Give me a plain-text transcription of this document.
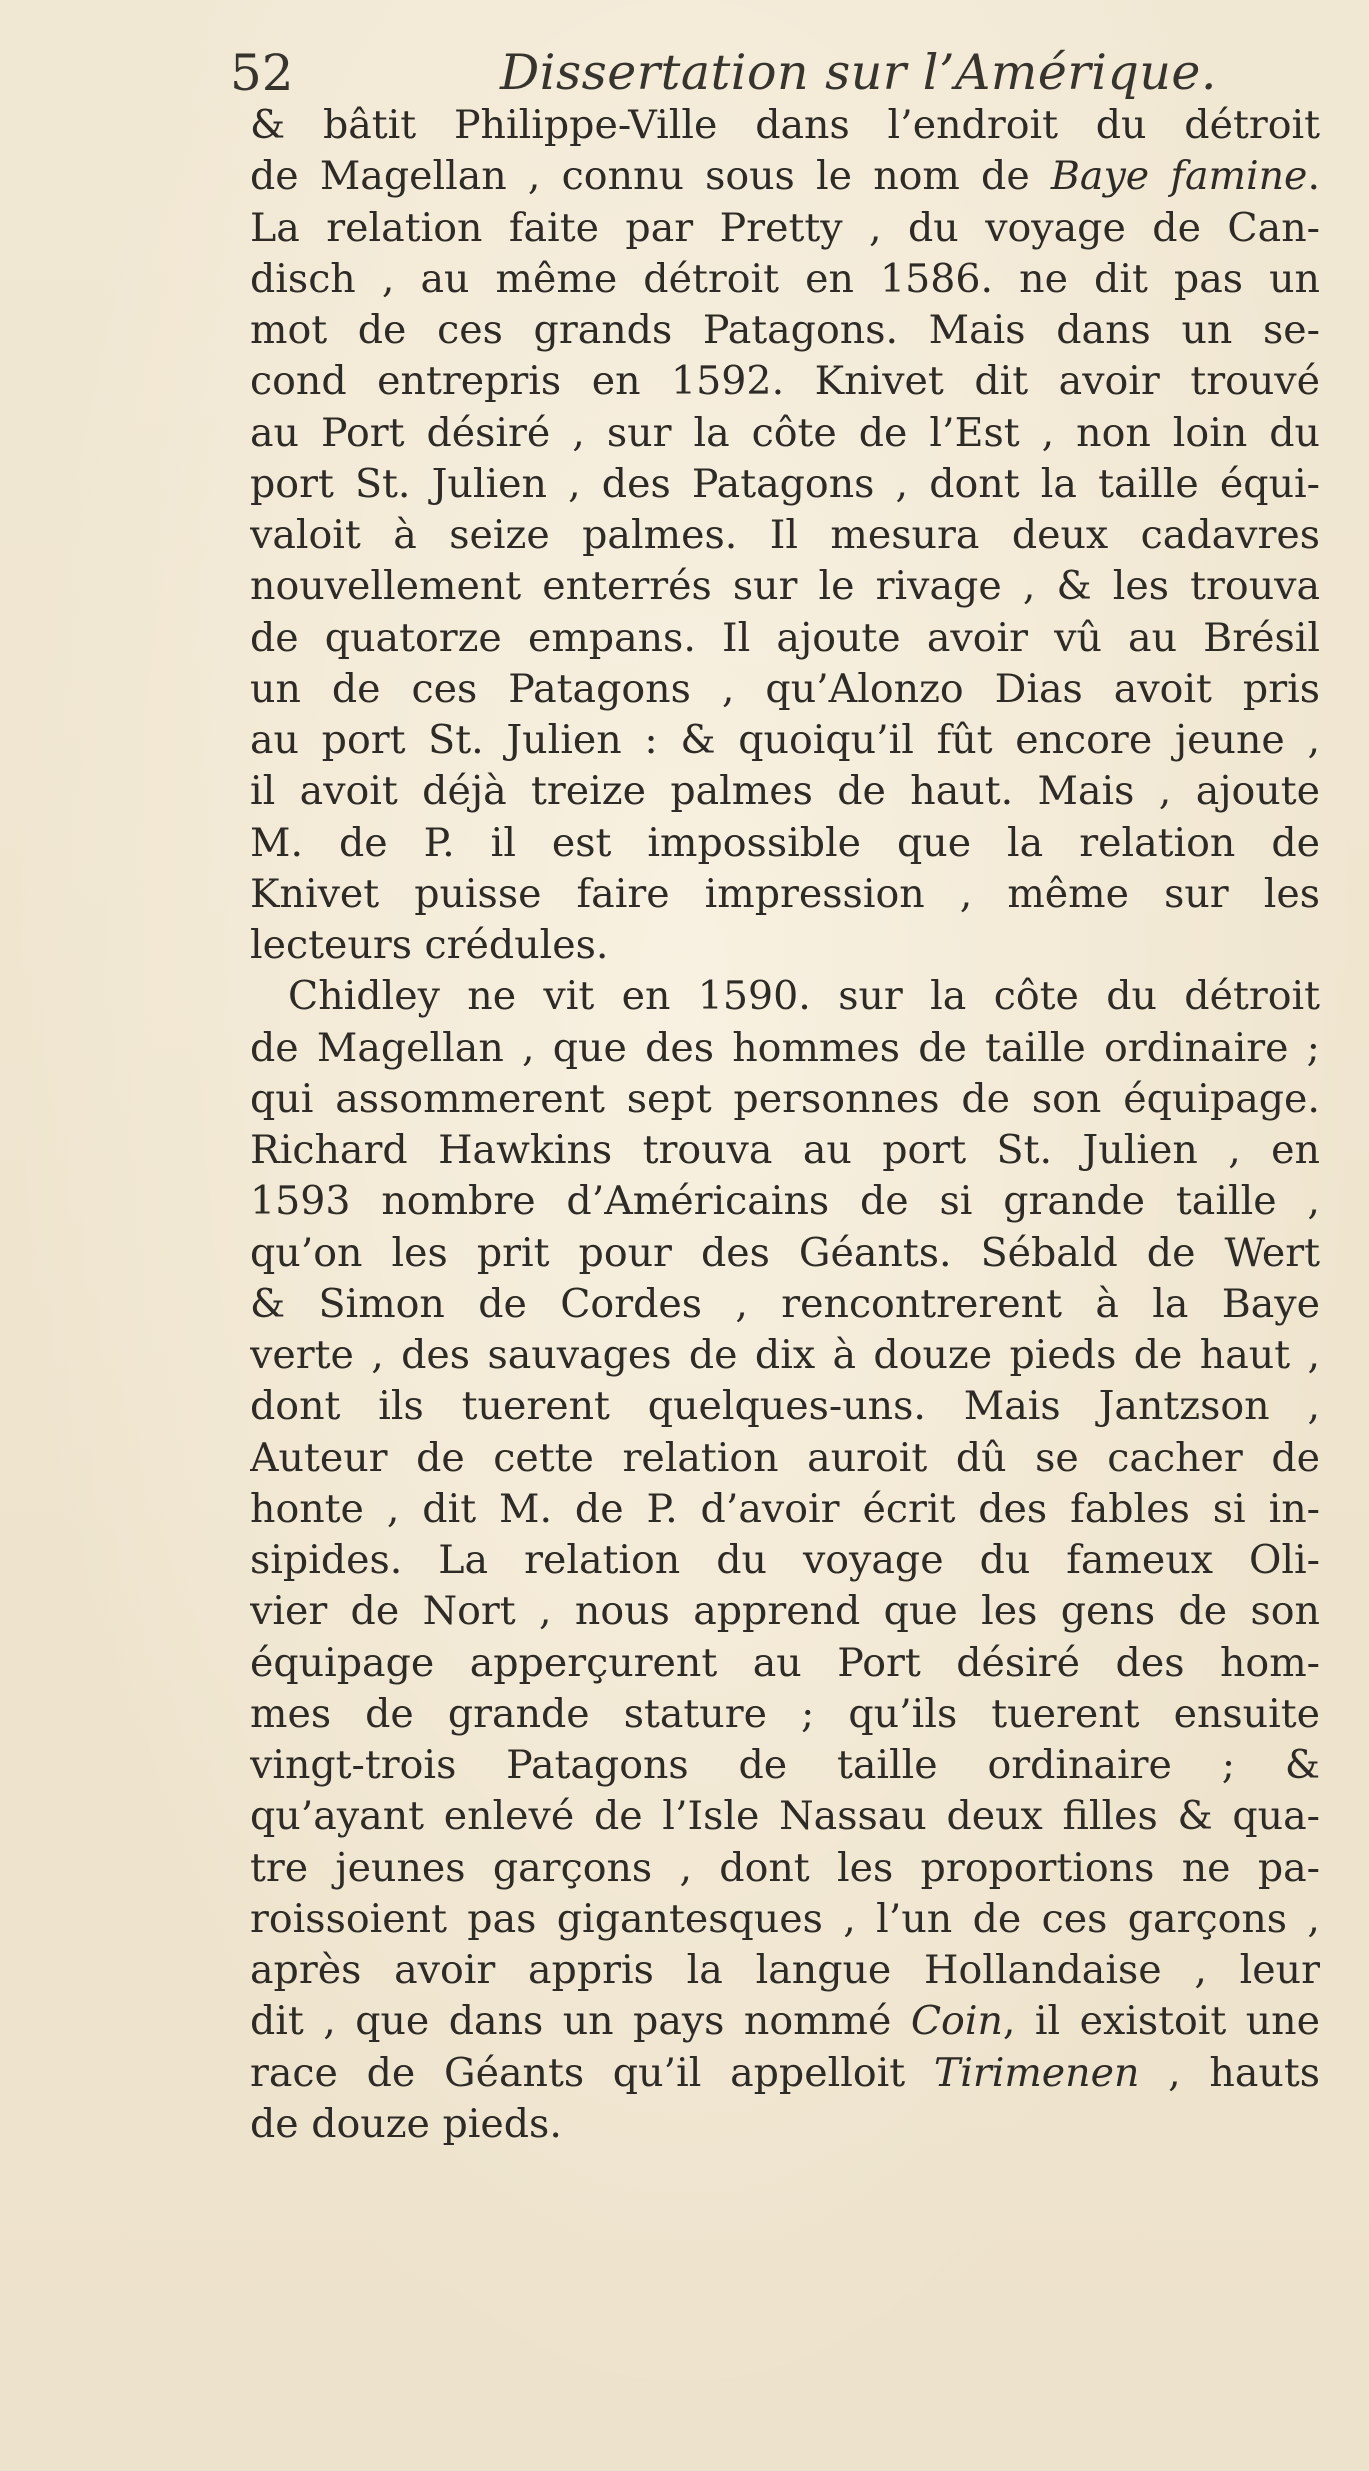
52	Dissertation sur l’Amérique.
& bâtit Philippe-Ville dans l’endroit du détroit
de Magellan , connu sous le nom de Baye famine.
La relation faite par Pretty , du voyage de Can-
disch , au même détroit en 1586. ne dit pas un
mot de ces grands Patagons. Mais dans un se-
cond entrepris en 1592. Knivet dit avoir trouvé
au Port désiré , sur la côte de l’Est , non loin du
port St. Julien , des Patagons , dont la taille équi-
valoit à seize palmes. Il mesura deux cadavres
nouvellement enterrés sur le rivage , & les trouva
de quatorze empans. Il ajoute avoir vû au Brésil
un de ces Patagons , qu’Alonzo Dias avoit pris
au port St. Julien : & quoiqu’il fût encore jeune ,
il avoit déjà treize palmes de haut. Mais , ajoute
M. de P. il est impossible que la relation de
Knivet puisse faire impression , même sur les
lecteurs crédules.
Chidley ne vit en 1590. sur la côte du détroit
de Magellan , que des hommes de taille ordinaire ;
qui assommerent sept personnes de son équipage.
Richard Hawkins trouva au port St. Julien , en
1593 nombre d’Américains de si grande taille ,
qu’on les prit pour des Géants. Sébald de Wert
& Simon de Cordes , rencontrerent à la Baye
verte , des sauvages de dix à douze pieds de haut ,
dont ils tuerent quelques-uns. Mais Jantzson ,
Auteur de cette relation auroit dû se cacher de
honte , dit M. de P. d’avoir écrit des fables si in-
sipides. La relation du voyage du fameux Oli-
vier de Nort , nous apprend que les gens de son
équipage apperçurent au Port désiré des hom-
mes de grande stature ; qu’ils tuerent ensuite
vingt-trois Patagons de taille ordinaire ; &
qu’ayant enlevé de l’Isle Nassau deux filles & qua-
tre jeunes garçons , dont les proportions ne pa-
roissoient pas gigantesques , l’un de ces garçons ,
après avoir appris la langue Hollandaise , leur
dit , que dans un pays nommé Coin, il existoit une
race de Géants qu’il appelloit Tirimenen , hauts
de douze pieds.
